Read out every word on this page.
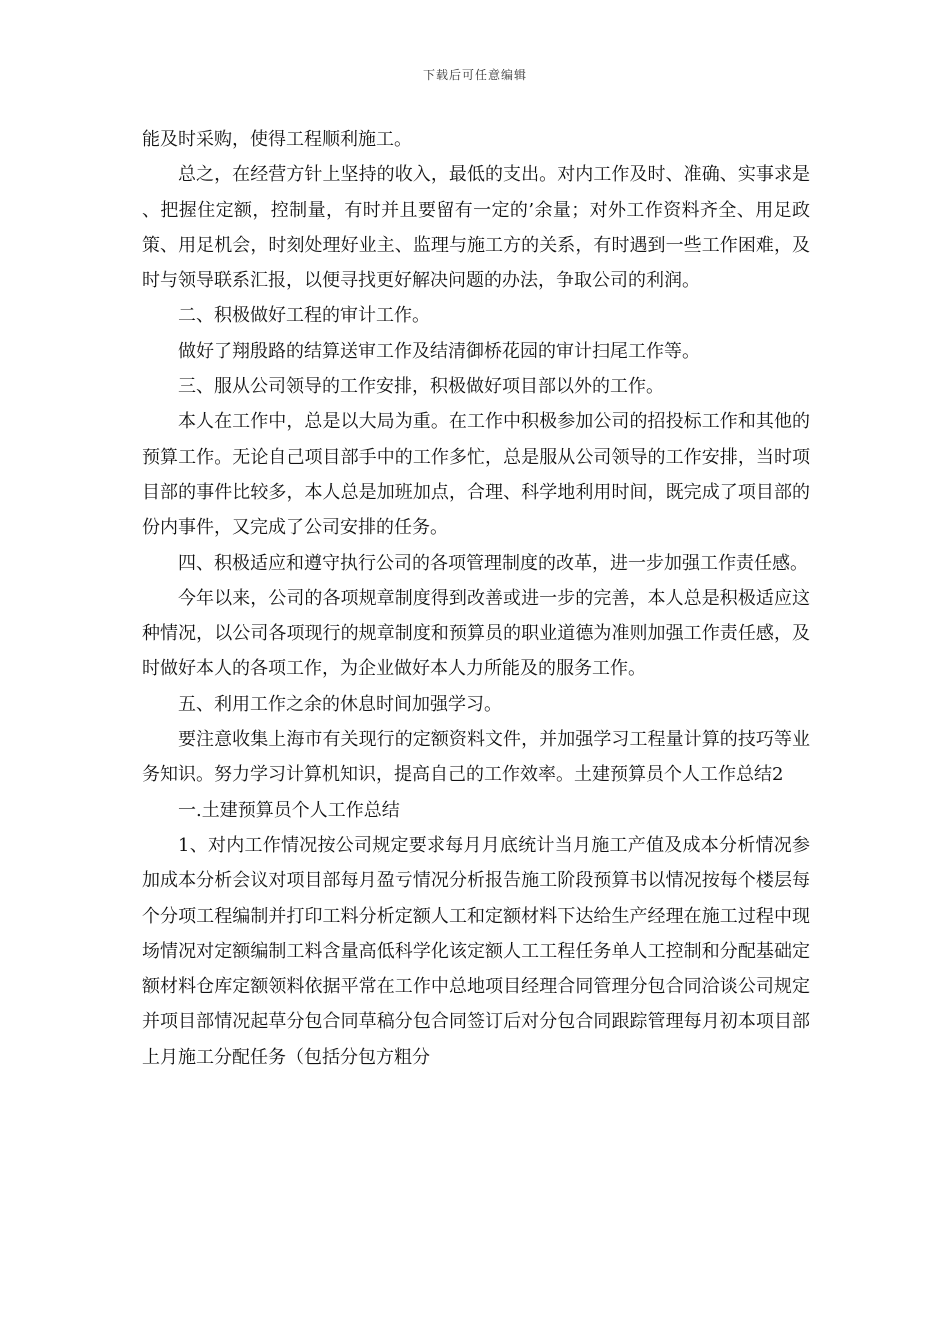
下载后可任意编辑

能及时采购，使得工程顺利施工。

总之，在经营方针上坚持的收入，最低的支出。对内工作及时、准确、实事求是、把握住定额，控制量，有时并且要留有一定的’余量；对外工作资料齐全、用足政策、用足机会，时刻处理好业主、监理与施工方的关系，有时遇到一些工作困难，及时与领导联系汇报，以便寻找更好解决问题的办法，争取公司的利润。

二、积极做好工程的审计工作。

做好了翔殷路的结算送审工作及结清御桥花园的审计扫尾工作等。

三、服从公司领导的工作安排，积极做好项目部以外的工作。

本人在工作中，总是以大局为重。在工作中积极参加公司的招投标工作和其他的预算工作。无论自己项目部手中的工作多忙，总是服从公司领导的工作安排，当时项目部的事件比较多，本人总是加班加点，合理、科学地利用时间，既完成了项目部的份内事件，又完成了公司安排的任务。

四、积极适应和遵守执行公司的各项管理制度的改革，进一步加强工作责任感。

今年以来，公司的各项规章制度得到改善或进一步的完善，本人总是积极适应这种情况，以公司各项现行的规章制度和预算员的职业道德为准则加强工作责任感，及时做好本人的各项工作，为企业做好本人力所能及的服务工作。

五、利用工作之余的休息时间加强学习。

要注意收集上海市有关现行的定额资料文件，并加强学习工程量计算的技巧等业务知识。努力学习计算机知识，提高自己的工作效率。土建预算员个人工作总结2

一.土建预算员个人工作总结

1、对内工作情况按公司规定要求每月月底统计当月施工产值及成本分析情况参加成本分析会议对项目部每月盈亏情况分析报告施工阶段预算书以情况按每个楼层每个分项工程编制并打印工料分析定额人工和定额材料下达给生产经理在施工过程中现场情况对定额编制工料含量高低科学化该定额人工工程任务单人工控制和分配基础定额材料仓库定额领料依据平常在工作中总地项目经理合同管理分包合同洽谈公司规定并项目部情况起草分包合同草稿分包合同签订后对分包合同跟踪管理每月初本项目部上月施工分配任务（包括分包方粗分
